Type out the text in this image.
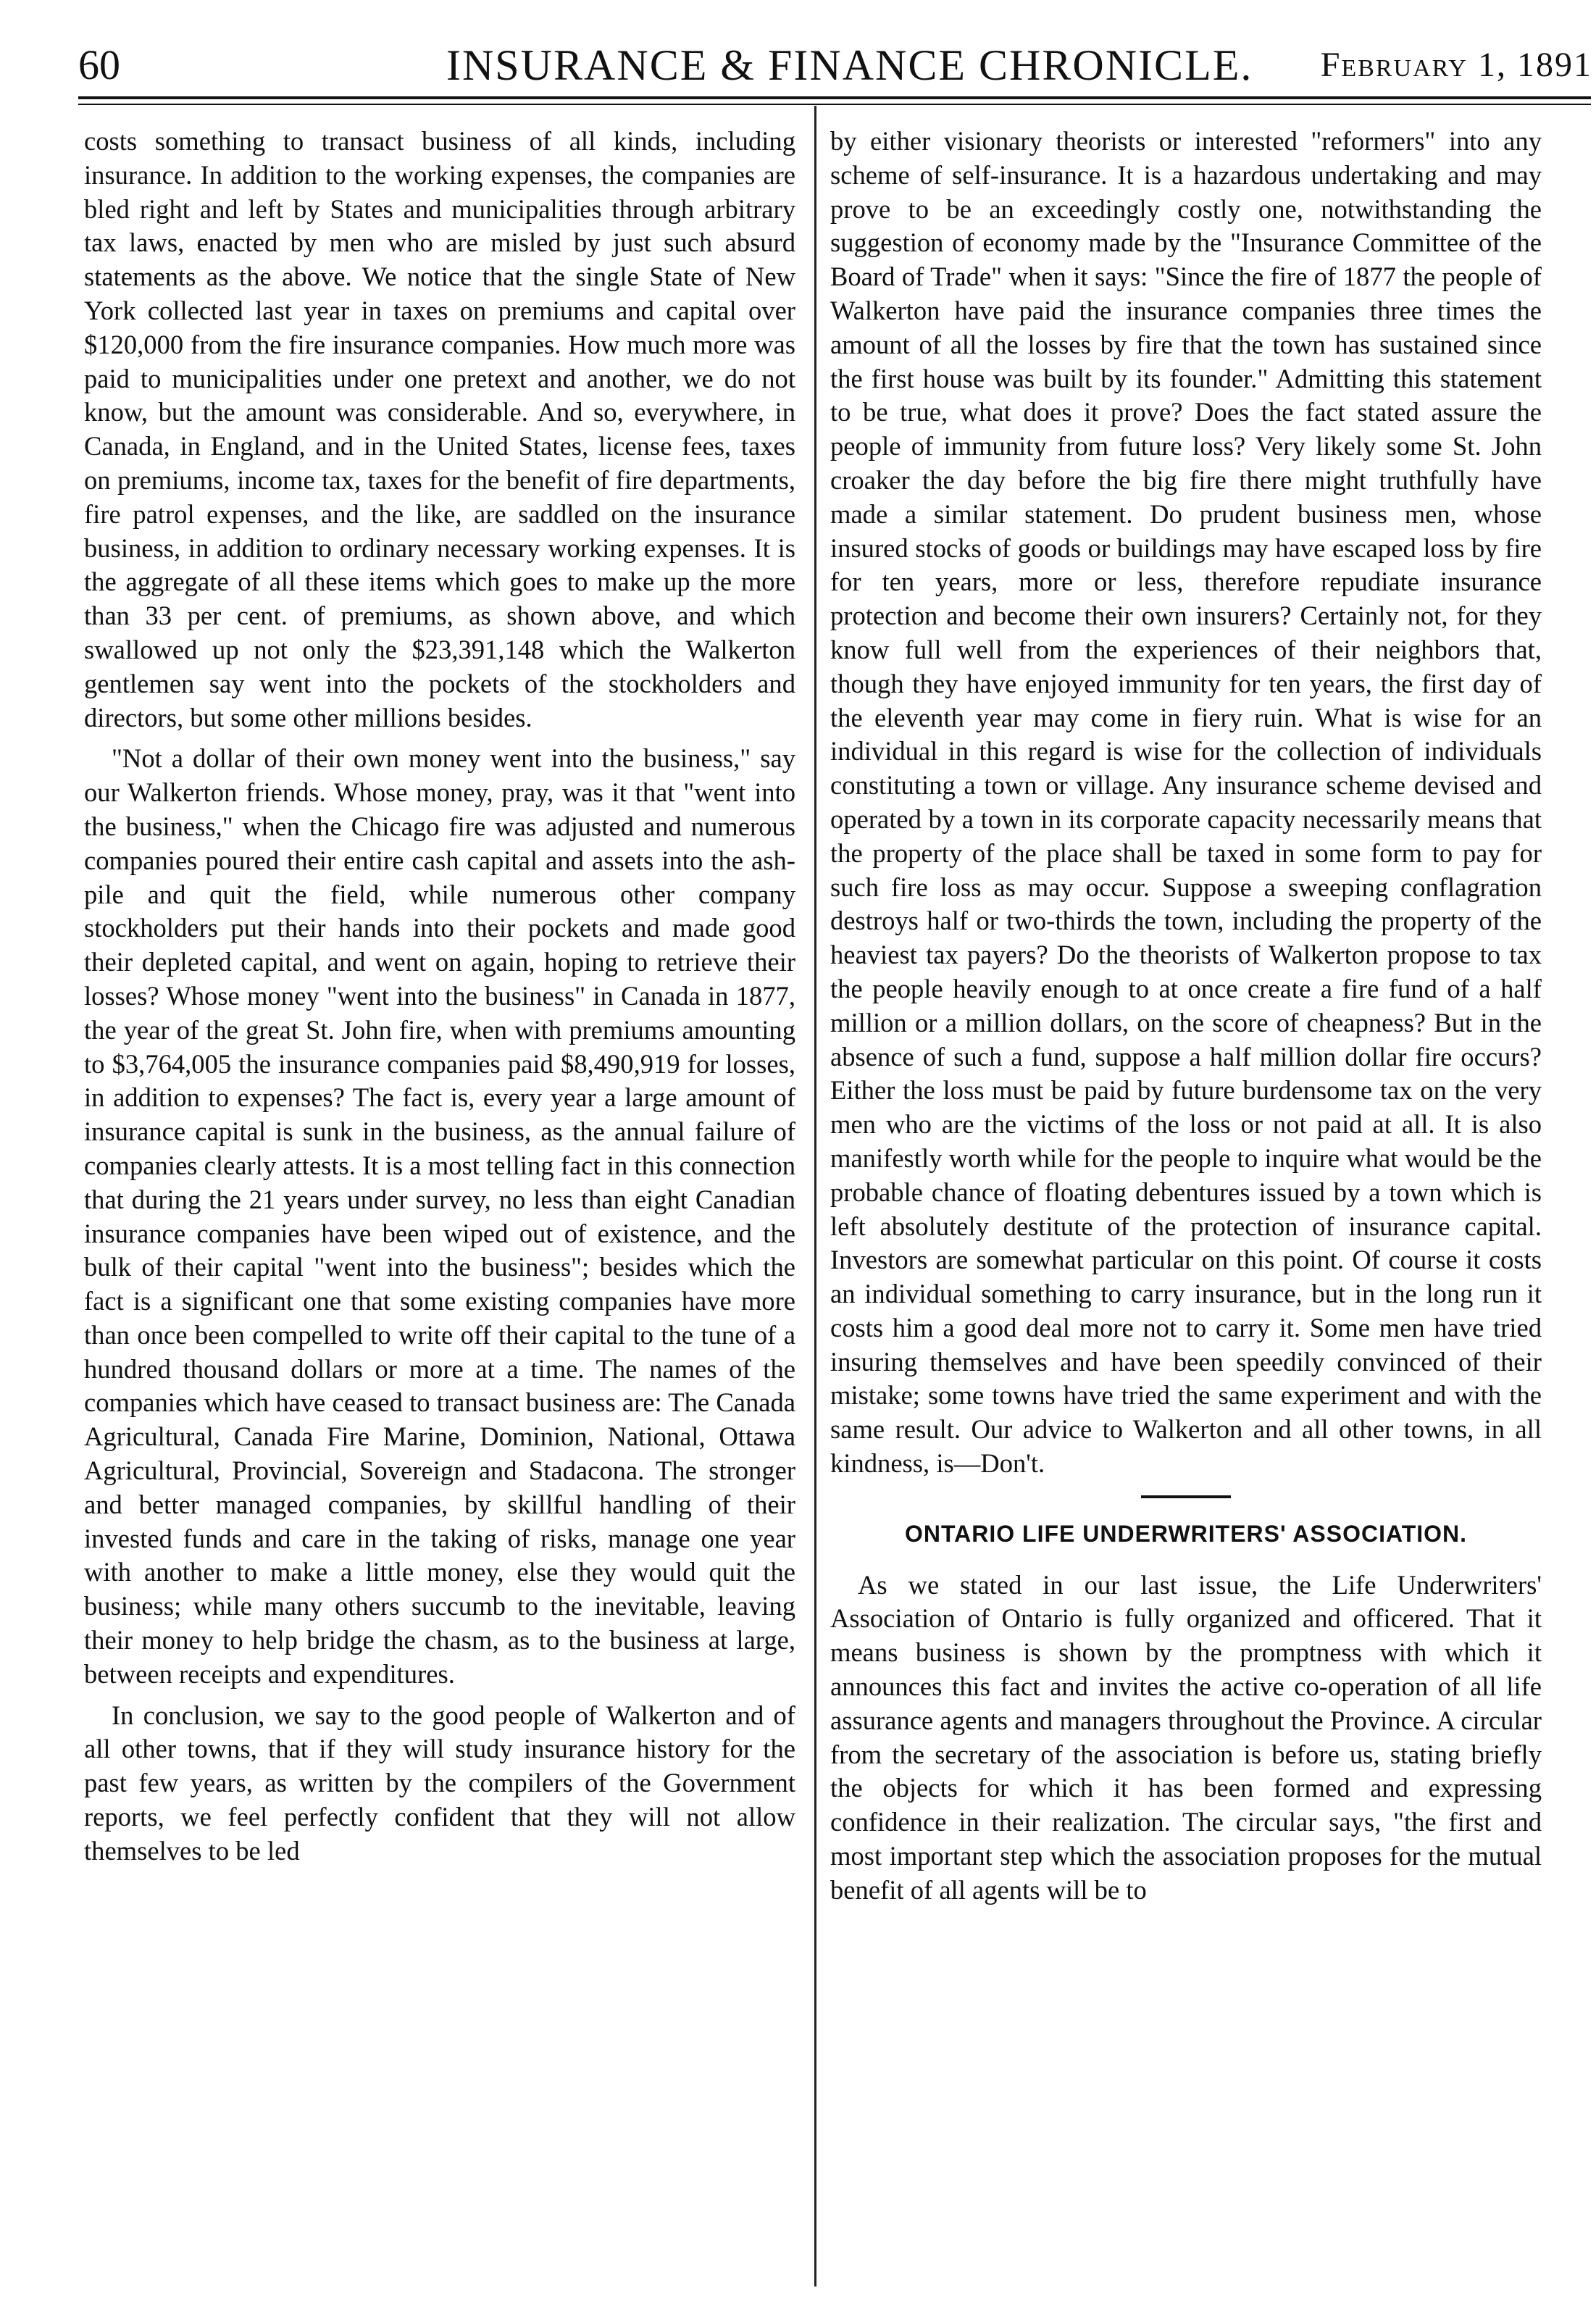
60	INSURANCE & FINANCE CHRONICLE. February 1, 1891

costs something to transact business of all kinds, including insurance. In addition to the working expenses, the companies are bled right and left by States and municipalities through arbitrary tax laws, enacted by men who are misled by just such absurd statements as the above. We notice that the single State of New York collected last year in taxes on premiums and capital over $120,000 from the fire insurance companies. How much more was paid to municipalities under one pretext and another, we do not know, but the amount was considerable. And so, everywhere, in Canada, in England, and in the United States, license fees, taxes on premiums, income tax, taxes for the benefit of fire departments, fire patrol expenses, and the like, are saddled on the insurance business, in addition to ordinary necessary working expenses. It is the aggregate of all these items which goes to make up the more than 33 per cent. of premiums, as shown above, and which swallowed up not only the $23,391,148 which the Walkerton gentlemen say went into the pockets of the stockholders and directors, but some other millions besides.

"Not a dollar of their own money went into the business," say our Walkerton friends. Whose money, pray, was it that "went into the business," when the Chicago fire was adjusted and numerous companies poured their entire cash capital and assets into the ash-pile and quit the field, while numerous other company stockholders put their hands into their pockets and made good their depleted capital, and went on again, hoping to retrieve their losses? Whose money "went into the business" in Canada in 1877, the year of the great St. John fire, when with premiums amounting to $3,764,005 the insurance companies paid $8,490,919 for losses, in addition to expenses? The fact is, every year a large amount of insurance capital is sunk in the business, as the annual failure of companies clearly attests. It is a most telling fact in this connection that during the 21 years under survey, no less than eight Canadian insurance companies have been wiped out of existence, and the bulk of their capital "went into the business"; besides which the fact is a significant one that some existing companies have more than once been compelled to write off their capital to the tune of a hundred thousand dollars or more at a time. The names of the companies which have ceased to transact business are: The Canada Agricultural, Canada Fire Marine, Dominion, National, Ottawa Agricultural, Provincial, Sovereign and Stadacona. The stronger and better managed companies, by skillful handling of their invested funds and care in the taking of risks, manage one year with another to make a little money, else they would quit the business; while many others succumb to the inevitable, leaving their money to help bridge the chasm, as to the business at large, between receipts and expenditures.

In conclusion, we say to the good people of Walkerton and of all other towns, that if they will study insurance history for the past few years, as written by the compilers of the Government reports, we feel perfectly confident that they will not allow themselves to be led

by either visionary theorists or interested "reformers" into any scheme of self-insurance. It is a hazardous undertaking and may prove to be an exceedingly costly one, notwithstanding the suggestion of economy made by the "Insurance Committee of the Board of Trade" when it says: "Since the fire of 1877 the people of Walkerton have paid the insurance companies three times the amount of all the losses by fire that the town has sustained since the first house was built by its founder." Admitting this statement to be true, what does it prove? Does the fact stated assure the people of immunity from future loss? Very likely some St. John croaker the day before the big fire there might truthfully have made a similar statement. Do prudent business men, whose insured stocks of goods or buildings may have escaped loss by fire for ten years, more or less, therefore repudiate insurance protection and become their own insurers? Certainly not, for they know full well from the experiences of their neighbors that, though they have enjoyed immunity for ten years, the first day of the eleventh year may come in fiery ruin. What is wise for an individual in this regard is wise for the collection of individuals constituting a town or village. Any insurance scheme devised and operated by a town in its corporate capacity necessarily means that the property of the place shall be taxed in some form to pay for such fire loss as may occur. Suppose a sweeping conflagration destroys half or two-thirds the town, including the property of the heaviest tax payers? Do the theorists of Walkerton propose to tax the people heavily enough to at once create a fire fund of a half million or a million dollars, on the score of cheapness? But in the absence of such a fund, suppose a half million dollar fire occurs? Either the loss must be paid by future burdensome tax on the very men who are the victims of the loss or not paid at all. It is also manifestly worth while for the people to inquire what would be the probable chance of floating debentures issued by a town which is left absolutely destitute of the protection of insurance capital. Investors are somewhat particular on this point. Of course it costs an individual something to carry insurance, but in the long run it costs him a good deal more not to carry it. Some men have tried insuring themselves and have been speedily convinced of their mistake; some towns have tried the same experiment and with the same result. Our advice to Walkerton and all other towns, in all kindness, is—Don't.

ONTARIO LIFE UNDERWRITERS' ASSOCIATION.

As we stated in our last issue, the Life Underwriters' Association of Ontario is fully organized and officered. That it means business is shown by the promptness with which it announces this fact and invites the active co-operation of all life assurance agents and managers throughout the Province. A circular from the secretary of the association is before us, stating briefly the objects for which it has been formed and expressing confidence in their realization. The circular says, "the first and most important step which the association proposes for the mutual benefit of all agents will be to
